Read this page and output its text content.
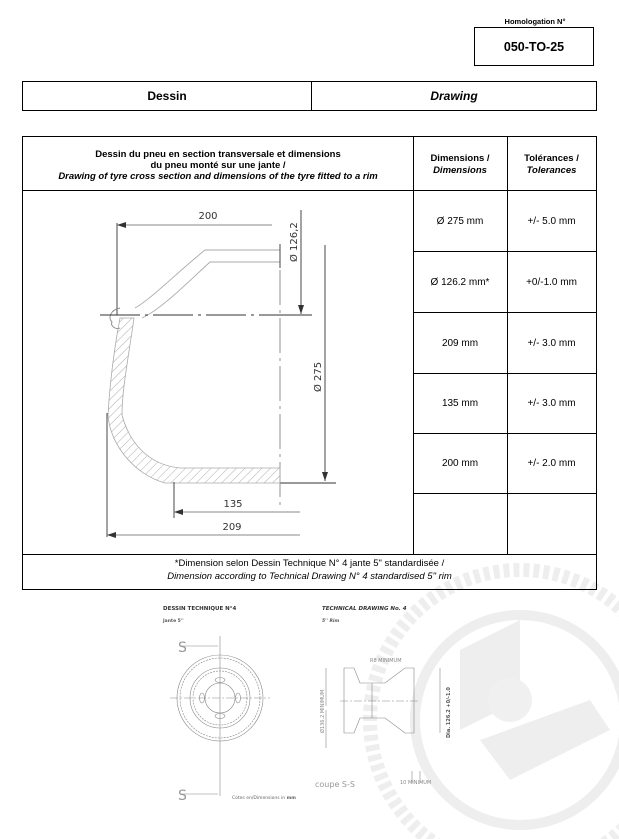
Homologation N°
050-TO-25
Dessin	Drawing
Dessin du pneu en section transversale et dimensions
du pneu monté sur une jante /
Drawing of tyre cross section and dimensions of the tyre fitted to a rim
Dimensions /
Dimensions
Tolérances /
Tolerances
Ø 275 mm	+/- 5.0 mm
Ø 126.2 mm*	+0/-1.0 mm
209 mm	+/- 3.0 mm
135 mm	+/- 3.0 mm
200 mm	+/- 2.0 mm
*Dimension selon Dessin Technique N° 4 jante 5" standardisée /
Dimension according to Technical Drawing N° 4 standardised 5" rim
200
Ø 126,2
Ø 275
135
209
DESSIN TECHNIQUE N°4
Jante 5''
TECHNICAL DRAWING No. 4
5'' Rim
S
S	Cotes en/Dimensions in mm
Ø136.2 MINIMUM
R8 MINIMUM
Dia. 126.2 +0/-1.0
10 MINIMUM
coupe S-S
